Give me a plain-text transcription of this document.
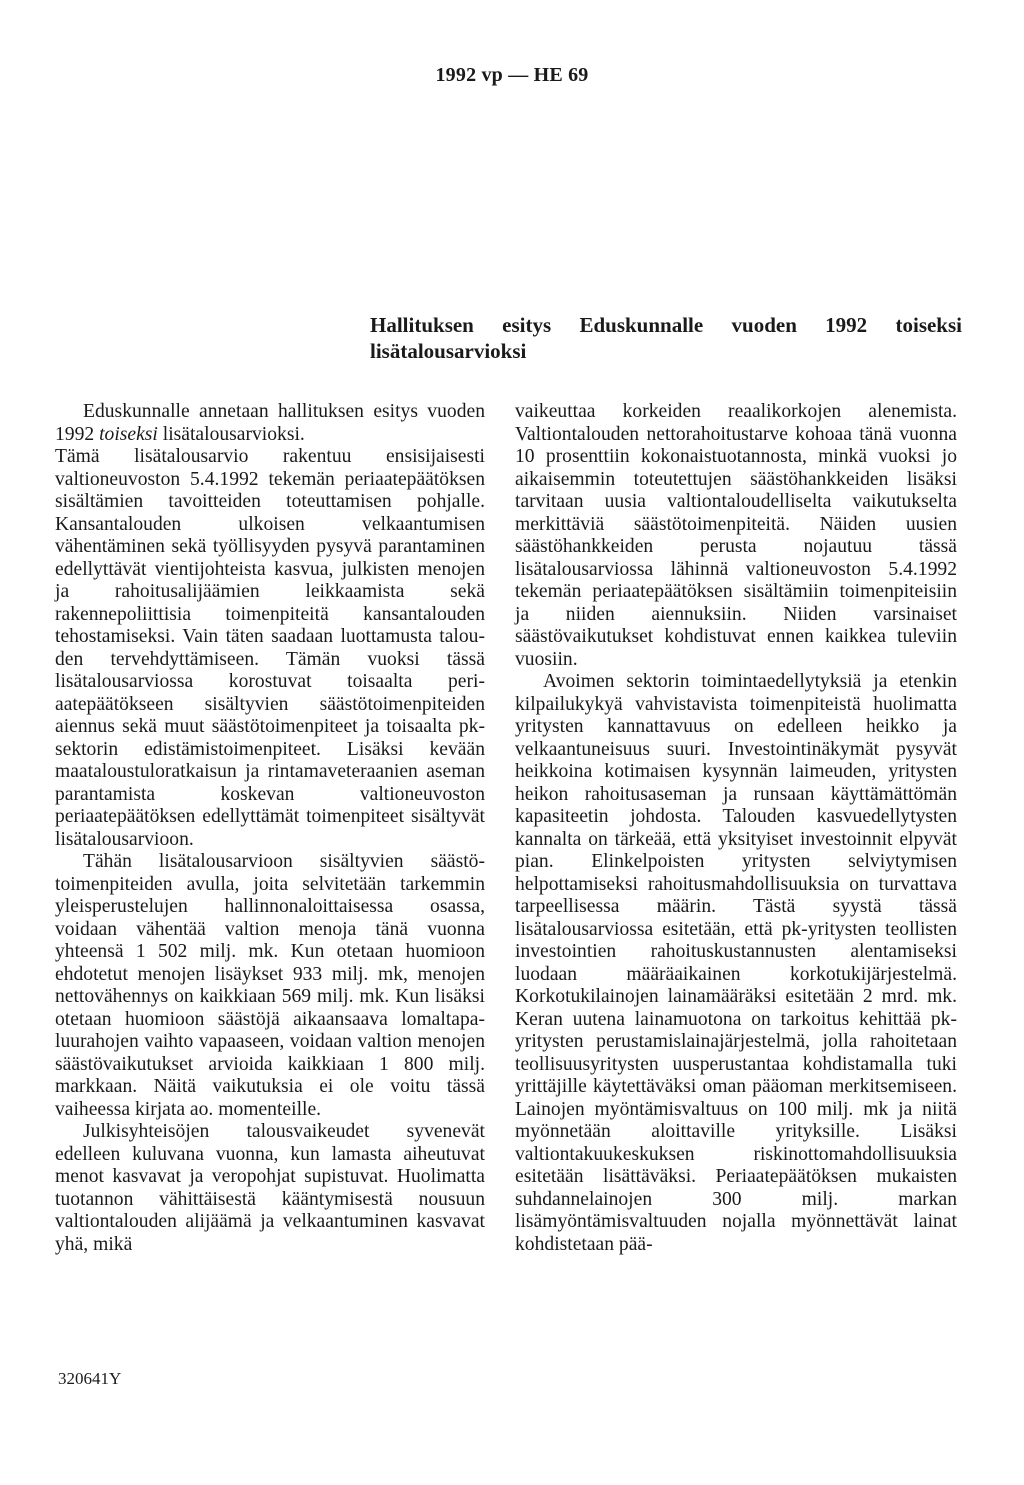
1992 vp — HE 69
Hallituksen esitys Eduskunnalle vuoden 1992 toiseksi lisätalousarvioksi

Eduskunnalle annetaan hallituksen esitys vuoden 1992 toiseksi lisätalousarvioksi.

Tämä lisätalousarvio rakentuu ensisijaisesti valtioneuvoston 5.4.1992 tekemän periaatepäätöksen sisältämien tavoitteiden toteuttamisen pohjalle. Kansantalouden ulkoisen velkaantumisen vähentäminen sekä työllisyyden pysyvä parantaminen edellyttävät vientijohteista kasvua, julkisten menojen ja rahoitusalijäämien leikkaamista sekä rakennepoliittisia toimenpiteitä kansantalouden tehostamiseksi. Vain täten saadaan luottamusta talouden tervehdyttämiseen. Tämän vuoksi tässä lisätalousarviossa korostuvat toisaalta periaatepäätökseen sisältyvien säästötoimenpiteiden aiennus sekä muut säästötoimenpiteet ja toisaalta pk-sektorin edistämistoimenpiteet. Lisäksi kevään maataloustuloratkaisun ja rintamaveteraanien aseman parantamista koskevan valtioneuvoston periaatepäätöksen edellyttämät toimenpiteet sisältyvät lisätalousarvioon.

Tähän lisätalousarvioon sisältyvien säästötoimenpiteiden avulla, joita selvitetään tarkemmin yleisperustelujen hallinnonaloittaisessa osassa, voidaan vähentää valtion menoja tänä vuonna yhteensä 1 502 milj. mk. Kun otetaan huomioon ehdotetut menojen lisäykset 933 milj. mk, menojen nettovähennys on kaikkiaan 569 milj. mk. Kun lisäksi otetaan huomioon säästöjä aikaansaava lomaltapaluurahojen vaihto vapaaseen, voidaan valtion menojen säästövaikutukset arvioida kaikkiaan 1 800 milj. markkaan. Näitä vaikutuksia ei ole voitu tässä vaiheessa kirjata ao. momenteille.

Julkisyhteisöjen talousvaikeudet syvenevät edelleen kuluvana vuonna, kun lamasta aiheutuvat menot kasvavat ja veropohjat supistuvat. Huolimatta tuotannon vähittäisestä kääntymisestä nousuun valtiontalouden alijäämä ja velkaantuminen kasvavat yhä, mikä

vaikeuttaa korkeiden reaalikorkojen alenemista. Valtiontalouden nettorahoitustarve kohoaa tänä vuonna 10 prosenttiin kokonaistuotannosta, minkä vuoksi jo aikaisemmin toteutettujen säästöhankkeiden lisäksi tarvitaan uusia valtiontaloudelliselta vaikutukselta merkittäviä säästötoimenpiteitä. Näiden uusien säästöhankkeiden perusta nojautuu tässä lisätalousarviossa lähinnä valtioneuvoston 5.4.1992 tekemän periaatepäätöksen sisältämiin toimenpiteisiin ja niiden aiennuksiin. Niiden varsinaiset säästövaikutukset kohdistuvat ennen kaikkea tuleviin vuosiin.

Avoimen sektorin toimintaedellytyksiä ja etenkin kilpailukykyä vahvistavista toimenpiteistä huolimatta yritysten kannattavuus on edelleen heikko ja velkaantuneisuus suuri. Investointinäkymät pysyvät heikkoina kotimaisen kysynnän laimeuden, yritysten heikon rahoitusaseman ja runsaan käyttämättömän kapasiteetin johdosta. Talouden kasvuedellytysten kannalta on tärkeää, että yksityiset investoinnit elpyvät pian. Elinkelpoisten yritysten selviytymisen helpottamiseksi rahoitusmahdollisuuksia on turvattava tarpeellisessa määrin. Tästä syystä tässä lisätalousarviossa esitetään, että pk-yritysten teollisten investointien rahoituskustannusten alentamiseksi luodaan määräaikainen korkotukijärjestelmä. Korkotukilainojen lainamääräksi esitetään 2 mrd. mk. Keran uutena lainamuotona on tarkoitus kehittää pk-yritysten perustamislainajärjestelmä, jolla rahoitetaan teollisuusyritysten uusperustantaa kohdistamalla tuki yrittäjille käytettäväksi oman pääoman merkitsemiseen. Lainojen myöntämisvaltuus on 100 milj. mk ja niitä myönnetään aloittaville yrityksille. Lisäksi valtiontakuukeskuksen riskinottomahdollisuuksia esitetään lisättäväksi. Periaatepäätöksen mukaisten suhdannelainojen 300 milj. markan lisämyöntämisvaltuuden nojalla myönnettävät lainat kohdistetaan pää-

320641Y
